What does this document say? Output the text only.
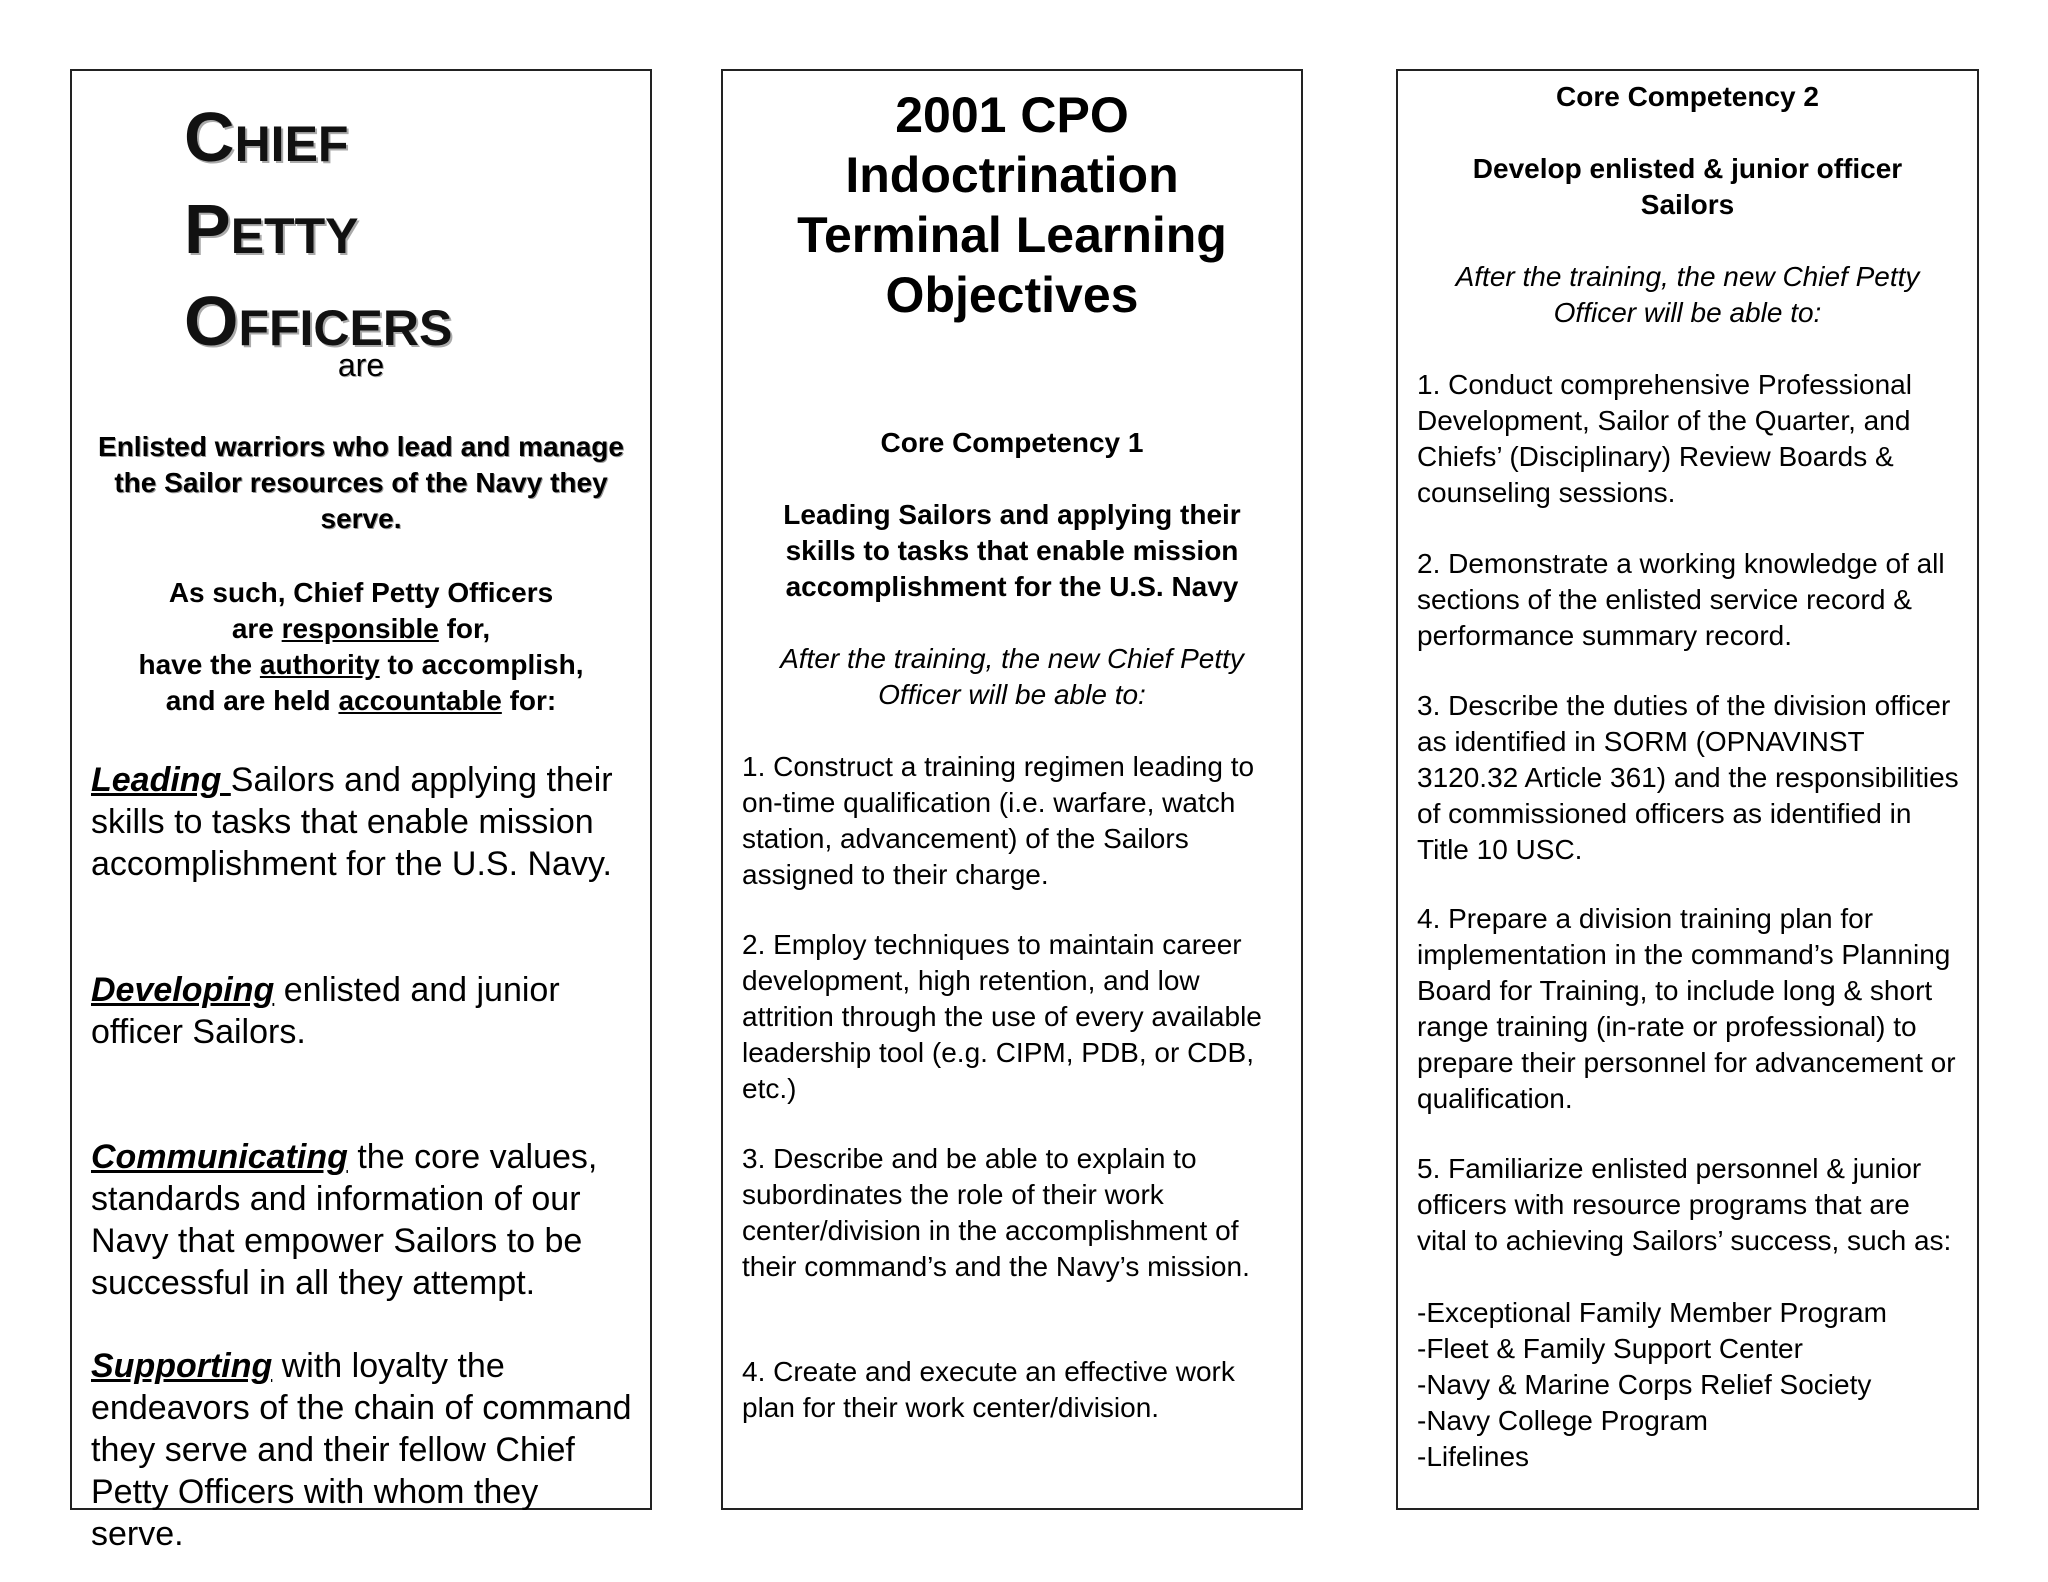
CHIEF
PETTY
OFFICERS
are
Enlisted warriors who lead and manage the Sailor resources of the Navy they serve.
As such, Chief Petty Officers
are responsible for,
have the authority to accomplish,
and are held accountable for:
Leading Sailors and applying their skills to tasks that enable mission accomplishment for the U.S. Navy.
Developing enlisted and junior officer Sailors.
Communicating the core values, standards and information of our Navy that empower Sailors to be successful in all they attempt.
Supporting with loyalty the endeavors of the chain of command they serve and their fellow Chief Petty Officers with whom they serve.
2001 CPO Indoctrination Terminal Learning Objectives
Core Competency 1
Leading Sailors and applying their skills to tasks that enable mission accomplishment for the U.S. Navy
After the training, the new Chief Petty Officer will be able to:
1. Construct a training regimen leading to on-time qualification (i.e. warfare, watch station, advancement) of the Sailors assigned to their charge.
2. Employ techniques to maintain career development, high retention, and low attrition through the use of every available leadership tool (e.g. CIPM, PDB, or CDB, etc.)
3. Describe and be able to explain to subordinates the role of their work center/division in the accomplishment of their command’s and the Navy’s mission.
4. Create and execute an effective work plan for their work center/division.
Core Competency 2
Develop enlisted & junior officer Sailors
After the training, the new Chief Petty Officer will be able to:
1. Conduct comprehensive Professional Development, Sailor of the Quarter, and Chiefs’ (Disciplinary) Review Boards & counseling sessions.
2. Demonstrate a working knowledge of all sections of the enlisted service record & performance summary record.
3. Describe the duties of the division officer as identified in SORM (OPNAVINST 3120.32 Article 361) and the responsibilities of commissioned officers as identified in Title 10 USC.
4. Prepare a division training plan for implementation in the command’s Planning Board for Training, to include long & short range training (in-rate or professional) to prepare their personnel for advancement or qualification.
5. Familiarize enlisted personnel & junior officers with resource programs that are vital to achieving Sailors’ success, such as:
-Exceptional Family Member Program
-Fleet & Family Support Center
-Navy & Marine Corps Relief Society
-Navy College Program
-Lifelines
